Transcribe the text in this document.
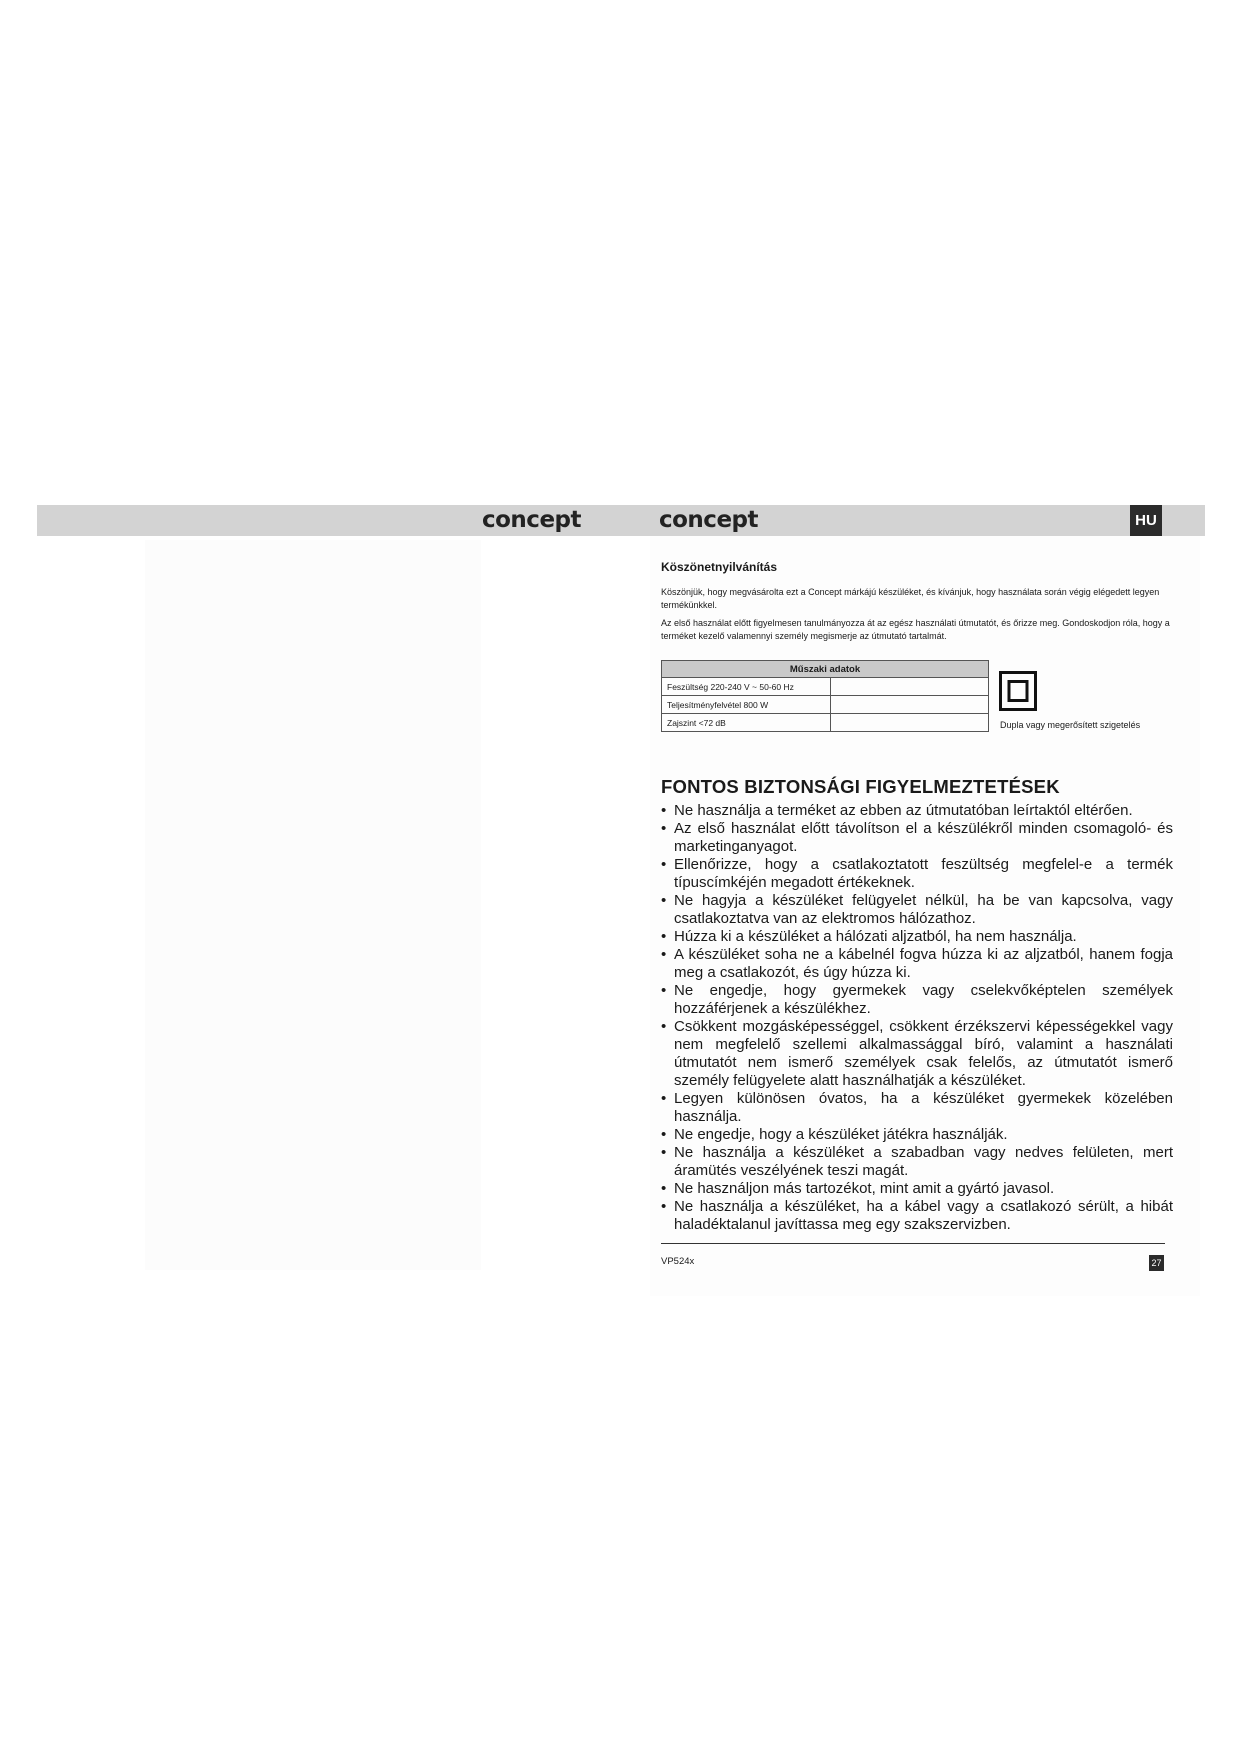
concept	concept	HU
Köszönetnyilvánítás

Köszönjük, hogy megvásárolta ezt a Concept márkájú készüléket, és kívánjuk, hogy használata során végig elégedett legyen termékünkkel.

Az első használat előtt figyelmesen tanulmányozza át az egész használati útmutatót, és őrizze meg. Gondoskodjon róla, hogy a terméket kezelő valamennyi személy megismerje az útmutató tartalmát.

Műszaki adatok	
Feszültség 220-240 V ~ 50-60 Hz	
Teljesítményfelvétel 800 W	
Zajszint <72 dB		Dupla vagy megerősített szigetelés
FONTOS BIZTONSÁGI FIGYELMEZTETÉSEK
• Ne használja a terméket az ebben az útmutatóban leírtaktól eltérően.
• Az első használat előtt távolítson el a készülékről minden csomagoló- és marketinganyagot.
• Ellenőrizze, hogy a csatlakoztatott feszültség megfelel-e a termék típuscímkéjén megadott értékeknek.
• Ne hagyja a készüléket felügyelet nélkül, ha be van kapcsolva, vagy csatlakoztatva van az elektromos hálózathoz.
• Húzza ki a készüléket a hálózati aljzatból, ha nem használja.
• A készüléket soha ne a kábelnél fogva húzza ki az aljzatból, hanem fogja meg a csatlakozót, és úgy húzza ki.
• Ne engedje, hogy gyermekek vagy cselekvőképtelen személyek hozzáférjenek a készülékhez.
• Csökkent mozgásképességgel, csökkent érzékszervi képességekkel vagy nem megfelelő szellemi alkalmassággal bíró, valamint a használati útmutatót nem ismerő személyek csak felelős, az útmutatót ismerő személy felügyelete alatt használhatják a készüléket.
• Legyen különösen óvatos, ha a készüléket gyermekek közelében használja.
• Ne engedje, hogy a készüléket játékra használják.
• Ne használja a készüléket a szabadban vagy nedves felületen, mert áramütés veszélyének teszi magát.
• Ne használjon más tartozékot, mint amit a gyártó javasol.
• Ne használja a készüléket, ha a kábel vagy a csatlakozó sérült, a hibát haladéktalanul javíttassa meg egy szakszervizben.
VP524x	27
